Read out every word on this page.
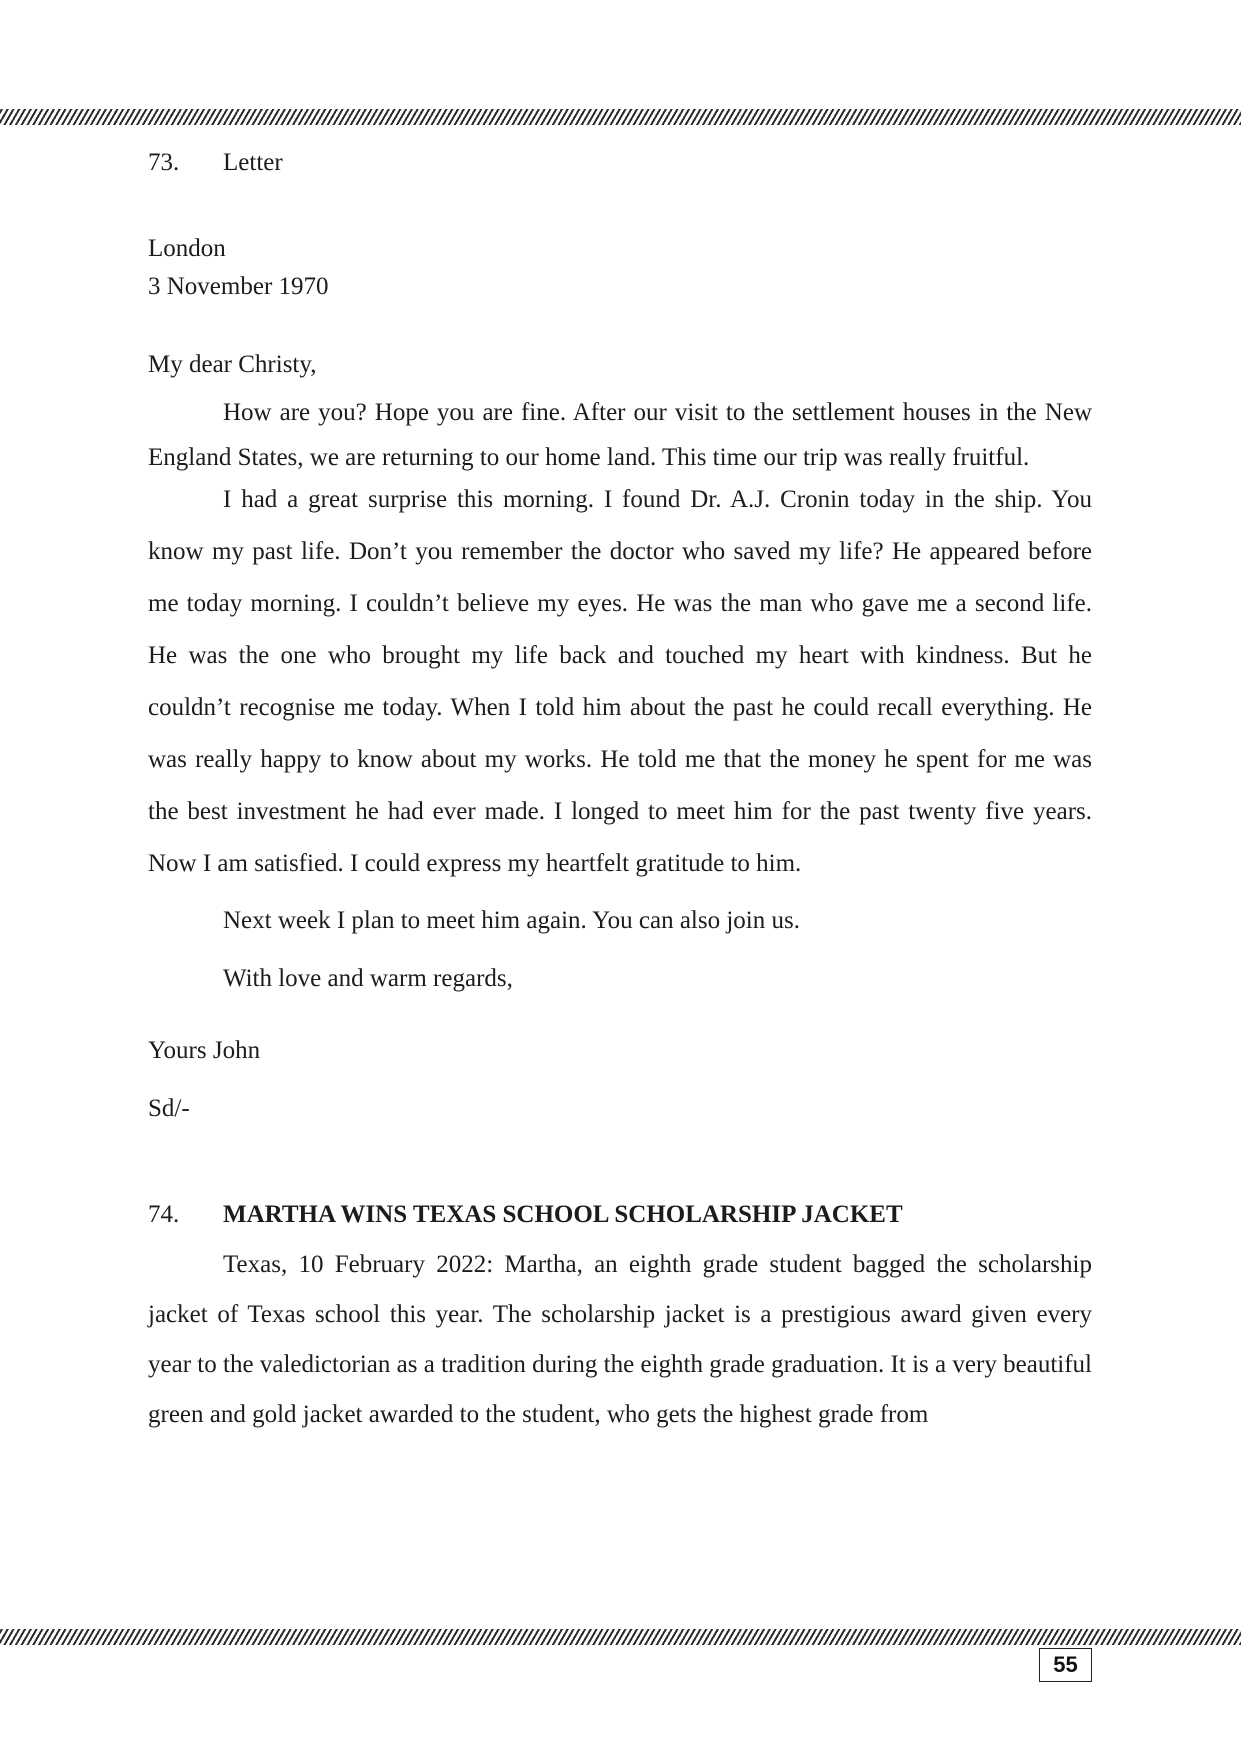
73.	Letter

London

3 November 1970

My dear Christy,

How are you? Hope you are fine. After our visit to the settlement houses in the New England States, we are returning to our home land. This time our trip was really fruitful.

I had a great surprise this morning. I found Dr. A.J. Cronin today in the ship. You know my past life. Don’t you remember the doctor who saved my life? He appeared before me today morning. I couldn’t believe my eyes. He was the man who gave me a second life. He was the one who brought my life back and touched my heart with kindness. But he couldn’t recognise me today. When I told him about the past he could recall everything. He was really happy to know about my works. He told me that the money he spent for me was the best investment he had ever made. I longed to meet him for the past twenty five years. Now I am satisfied. I could express my heartfelt gratitude to him.

Next week I plan to meet him again. You can also join us.

With love and warm regards,

Yours John

Sd/-

74.	MARTHA WINS TEXAS SCHOOL SCHOLARSHIP JACKET

Texas, 10 February 2022: Martha, an eighth grade student bagged the scholarship jacket of Texas school this year. The scholarship jacket is a prestigious award given every year to the valedictorian as a tradition during the eighth grade graduation. It is a very beautiful green and gold jacket awarded to the student, who gets the highest grade from

55
